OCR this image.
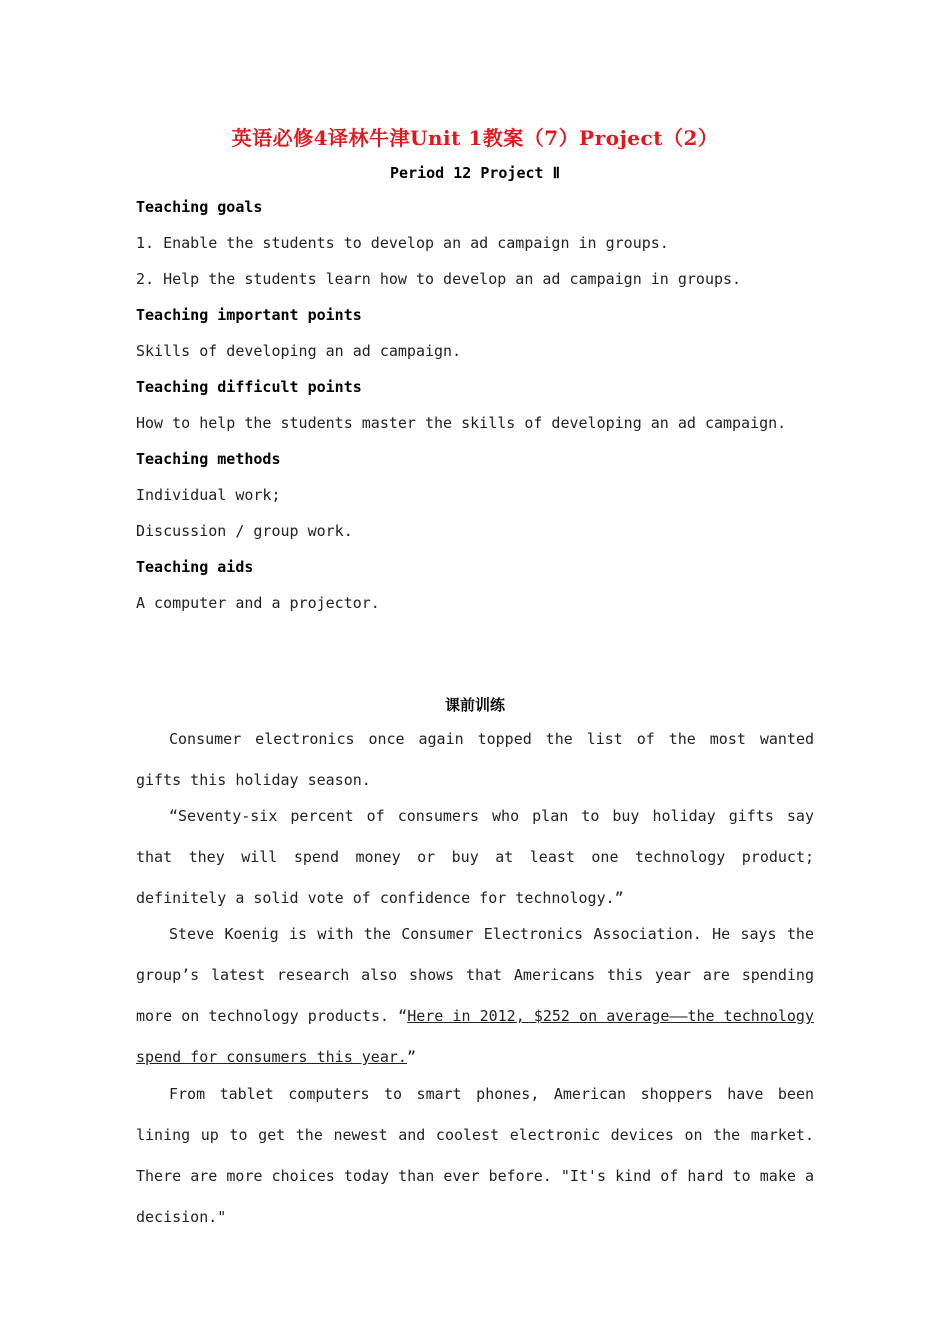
英语必修4译林牛津Unit 1教案（7）Project（2）
Period 12 Project Ⅱ
Teaching goals
1. Enable the students to develop an ad campaign in groups.
2. Help the students learn how to develop an ad campaign in groups.
Teaching important points
Skills of developing an ad campaign.
Teaching difficult points
How to help the students master the skills of developing an ad campaign.
Teaching methods
Individual work;
Discussion / group work.
Teaching aids
A computer and a projector.
课前训练

Consumer electronics once again topped the list of the most wanted gifts this holiday season.

“Seventy-six percent of consumers who plan to buy holiday gifts say that they will spend money or buy at least one technology product; definitely a solid vote of confidence for technology.”

Steve Koenig is with the Consumer Electronics Association. He says the group’s latest research also shows that Americans this year are spending more on technology products. “Here in 2012, $252 on average——the technology spend for consumers this year.”

From tablet computers to smart phones, American shoppers have been lining up to get the newest and coolest electronic devices on the market. There are more choices today than ever before. "It's kind of hard to make a decision."
